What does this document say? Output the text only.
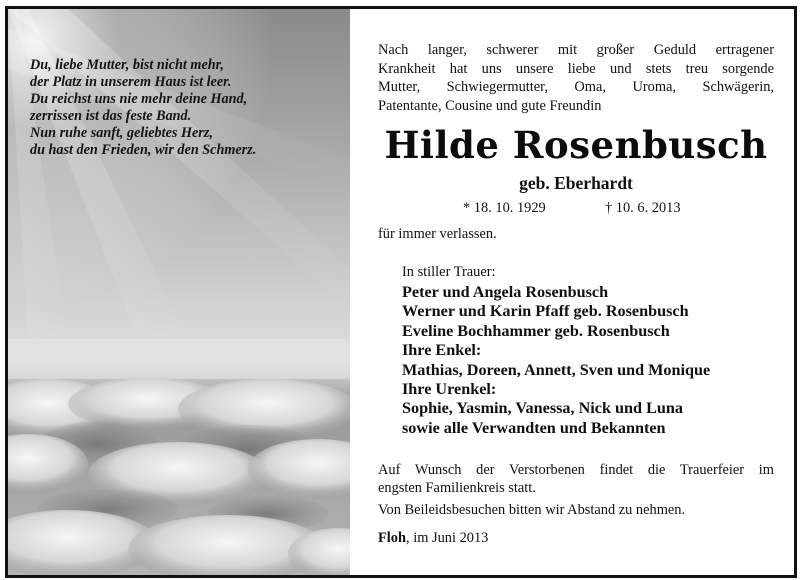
Du, liebe Mutter, bist nicht mehr,
der Platz in unserem Haus ist leer.
Du reichst uns nie mehr deine Hand,
zerrissen ist das feste Band.
Nun ruhe sanft, geliebtes Herz,
du hast den Frieden, wir den Schmerz.
Nach langer, schwerer mit großer Geduld ertragener
Krankheit hat uns unsere liebe und stets treu sorgende
Mutter, Schwiegermutter, Oma, Uroma, Schwägerin,
Patentante, Cousine und gute Freundin
Hilde Rosenbusch
geb. Eberhardt
* 18. 10. 1929	† 10. 6. 2013
für immer verlassen.
In stiller Trauer:
Peter und Angela Rosenbusch
Werner und Karin Pfaff geb. Rosenbusch
Eveline Bochhammer geb. Rosenbusch
Ihre Enkel:
Mathias, Doreen, Annett, Sven und Monique
Ihre Urenkel:
Sophie, Yasmin, Vanessa, Nick und Luna
sowie alle Verwandten und Bekannten
Auf Wunsch der Verstorbenen findet die Trauerfeier im
engsten Familienkreis statt.
Von Beileidsbesuchen bitten wir Abstand zu nehmen.
Floh, im Juni 2013
